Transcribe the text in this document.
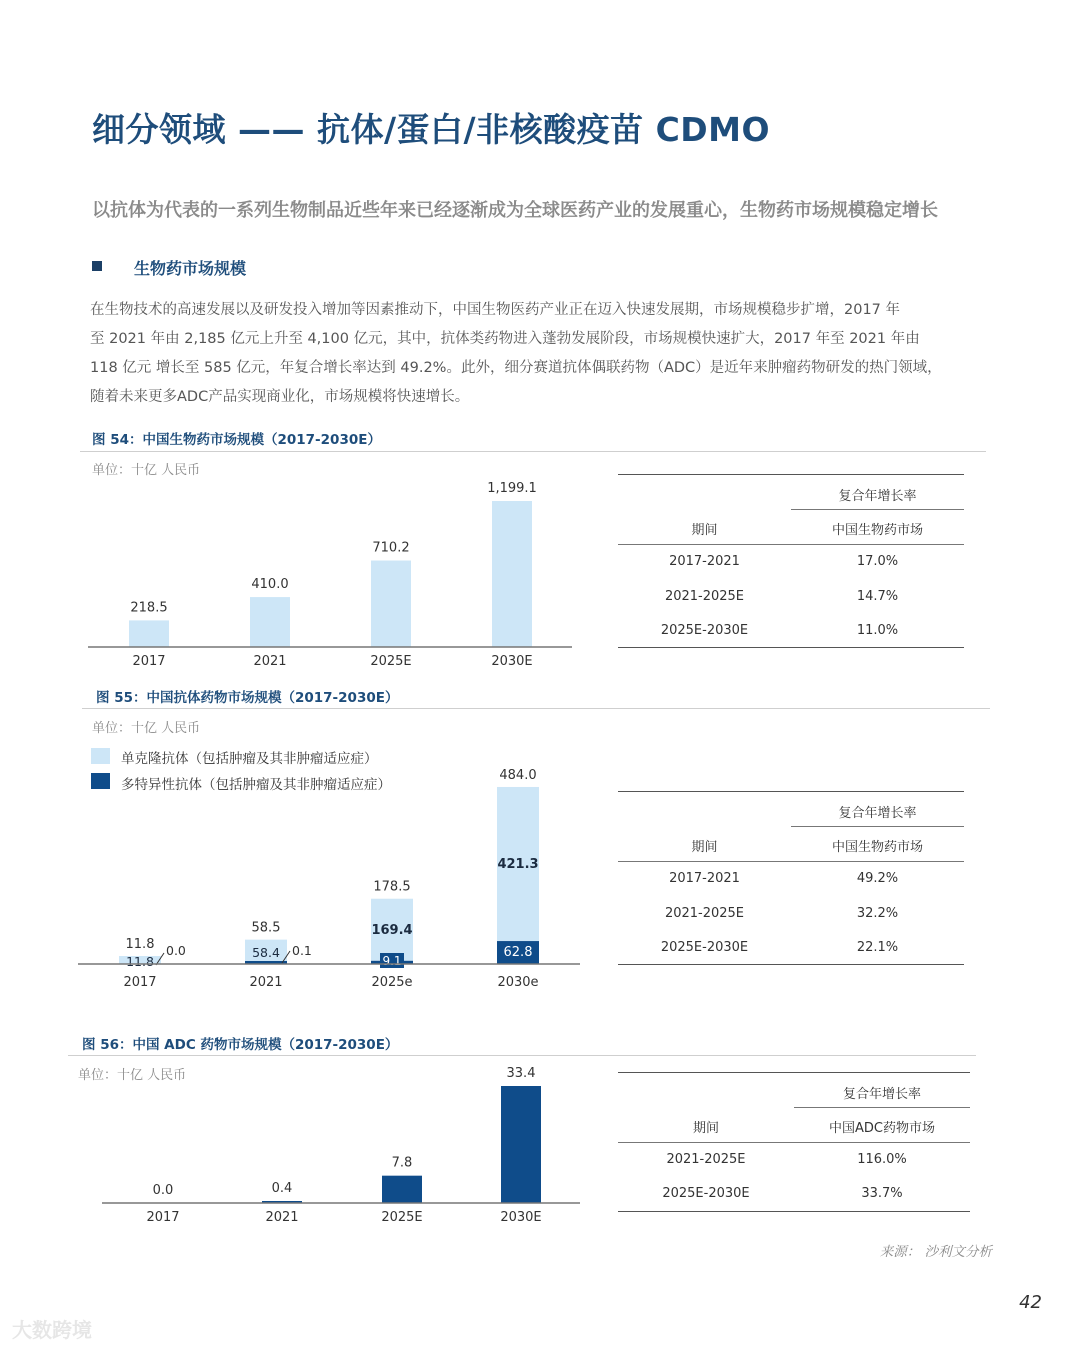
细分领域 —— 抗体/蛋白/非核酸疫苗 CDMO
以抗体为代表的一系列生物制品近些年来已经逐渐成为全球医药产业的发展重心，生物药市场规模稳定增长
生物药市场规模
在生物技术的高速发展以及研发投入增加等因素推动下，中国生物医药产业正在迈入快速发展期，市场规模稳步扩增，2017 年
至 2021 年由 2,185 亿元上升至 4,100 亿元，其中，抗体类药物进入蓬勃发展阶段，市场规模快速扩大，2017 年至 2021 年由
118 亿元 增长至 585 亿元，年复合增长率达到 49.2%。此外，细分赛道抗体偶联药物（ADC）是近年来肿瘤药物研发的热门领域，
随着未来更多ADC产品实现商业化，市场规模将快速增长。
图 54：中国生物药市场规模（2017-2030E）
单位：十亿 人民币
218.5
2017
410.0
2021
710.2
2025E
1,199.1
2030E
复合年增长率
期间	中国生物药市场
2017-2021	17.0%
2021-2025E	14.7%
2025E-2030E	11.0%
图 55：中国抗体药物市场规模（2017-2030E）
单位：十亿 人民币
单克隆抗体（包括肿瘤及其非肿瘤适应症）
多特异性抗体（包括肿瘤及其非肿瘤适应症）
11.8
2017
58.5
2021
178.5
2025e
484.0
2030e
421.3
62.8
169.4
9.1
58.4 0.1
11.8
0.0
复合年增长率
期间	中国生物药市场
2017-2021	49.2%
2021-2025E	32.2%
2025E-2030E	22.1%
图 56：中国 ADC 药物市场规模（2017-2030E）
单位：十亿 人民币
0.0
2017
0.4
2021
7.8
2025E
33.4
2030E
复合年增长率
期间	中国ADC药物市场
2021-2025E	116.0%
2025E-2030E	33.7%
来源： 沙利文分析
42
大数跨境
